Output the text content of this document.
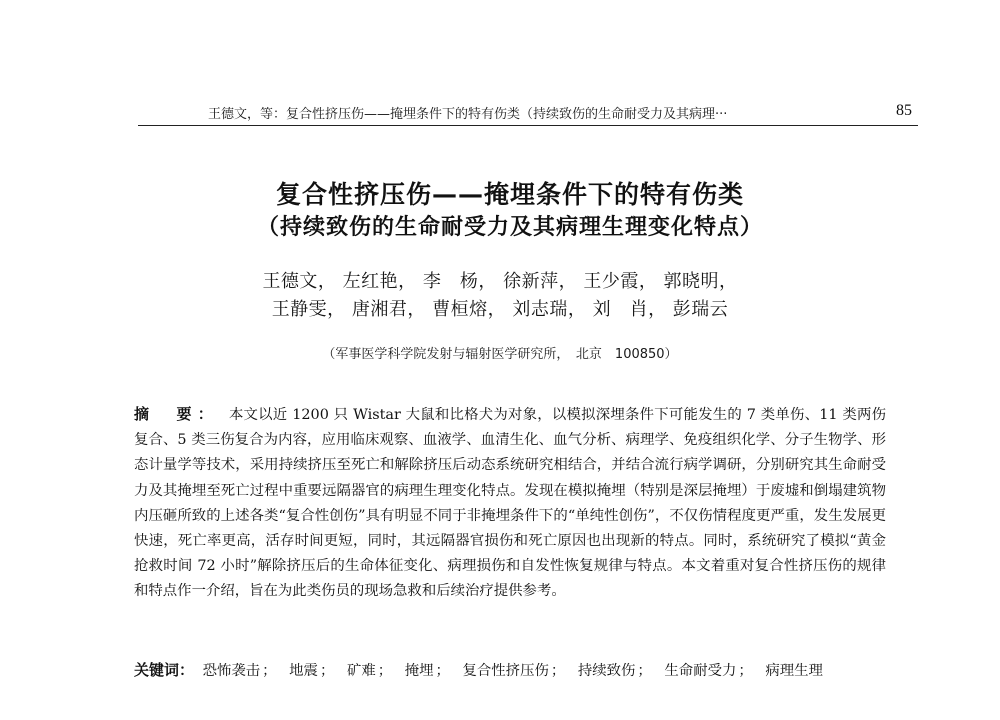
王德文，等：复合性挤压伤——掩埋条件下的特有伤类（持续致伤的生命耐受力及其病理···	85
复合性挤压伤——掩埋条件下的特有伤类
（持续致伤的生命耐受力及其病理生理变化特点）
王德文， 左红艳， 李　杨， 徐新萍， 王少霞， 郭晓明，
王静雯， 唐湘君， 曹桓熔， 刘志瑞， 刘　肖， 彭瑞云
（军事医学科学院发射与辐射医学研究所，　北京　100850）
摘　要： 本文以近 1200 只 Wistar 大鼠和比格犬为对象，以模拟深埋条件下可能发生的 7 类单伤、11 类两伤复合、5 类三伤复合为内容，应用临床观察、血液学、血清生化、血气分析、病理学、免疫组织化学、分子生物学、形态计量学等技术，采用持续挤压至死亡和解除挤压后动态系统研究相结合，并结合流行病学调研，分别研究其生命耐受力及其掩埋至死亡过程中重要远隔器官的病理生理变化特点。发现在模拟掩埋（特别是深层掩埋）于废墟和倒塌建筑物内压砸所致的上述各类“复合性创伤”具有明显不同于非掩埋条件下的“单纯性创伤”，不仅伤情程度更严重，发生发展更快速，死亡率更高，活存时间更短，同时，其远隔器官损伤和死亡原因也出现新的特点。同时，系统研究了模拟“黄金抢救时间 72 小时”解除挤压后的生命体征变化、病理损伤和自发性恢复规律与特点。本文着重对复合性挤压伤的规律和特点作一介绍，旨在为此类伤员的现场急救和后续治疗提供参考。
关键词： 恐怖袭击 ； 地震 ； 矿难 ； 掩埋 ； 复合性挤压伤 ； 持续致伤 ； 生命耐受力 ； 病理生理
